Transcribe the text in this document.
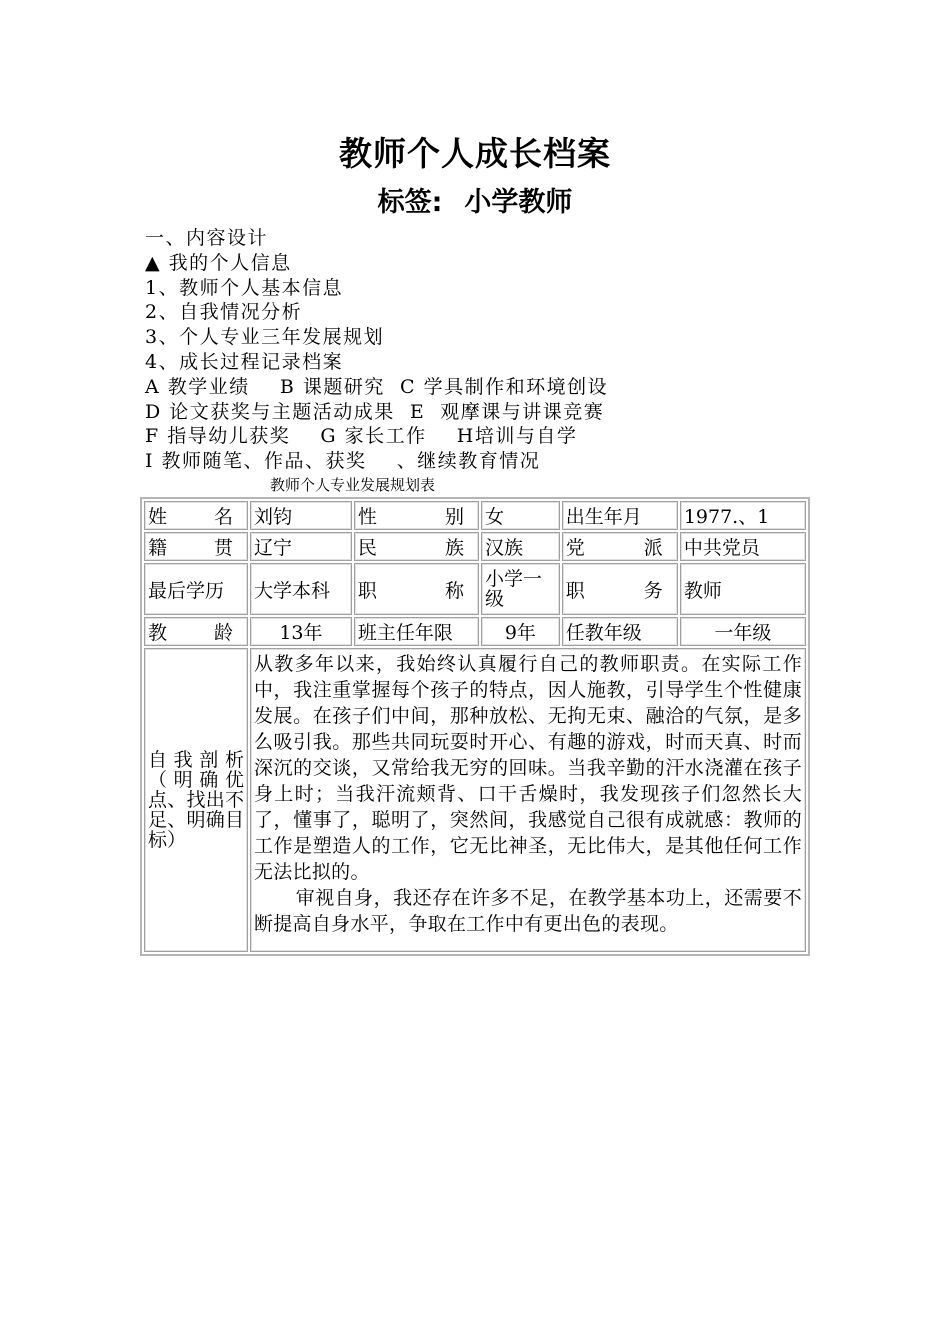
教师个人成长档案
标签: 小学教师
一、内容设计
▲ 我的个人信息
1、教师个人基本信息
2、自我情况分析
3、个人专业三年发展规划
4、成长过程记录档案
A 教学业绩    B 课题研究  C 学具制作和环境创设
D 论文获奖与主题活动成果  E  观摩课与讲课竞赛
F 指导幼儿获奖    G 家长工作    H培训与自学
I 教师随笔、作品、获奖    、继续教育情况
教师个人专业发展规划表
姓名	刘钧	性别	女	出生年月	1977.、1
籍贯	辽宁	民族	汉族	党派	中共党员
最后学历	大学本科	职称	小学一级	职务	教师
教龄	13年	班主任年限	9年	任教年级	一年级
自我剖析（明确优点、找出不足、明确目标）	从教多年以来，我始终认真履行自己的教师职责。在实际工作中，我注重掌握每个孩子的特点，因人施教，引导学生个性健康发展。在孩子们中间，那种放松、无拘无束、融洽的气氛，是多么吸引我。那些共同玩耍时开心、有趣的游戏，时而天真、时而深沉的交谈，又常给我无穷的回味。当我辛勤的汗水浇灌在孩子身上时；当我汗流颊背、口干舌燥时，我发现孩子们忽然长大了，懂事了，聪明了，突然间，我感觉自己很有成就感：教师的工作是塑造人的工作，它无比神圣，无比伟大，是其他任何工作无法比拟的。

审视自身，我还存在许多不足，在教学基本功上，还需要不断提高自身水平，争取在工作中有更出色的表现。				
